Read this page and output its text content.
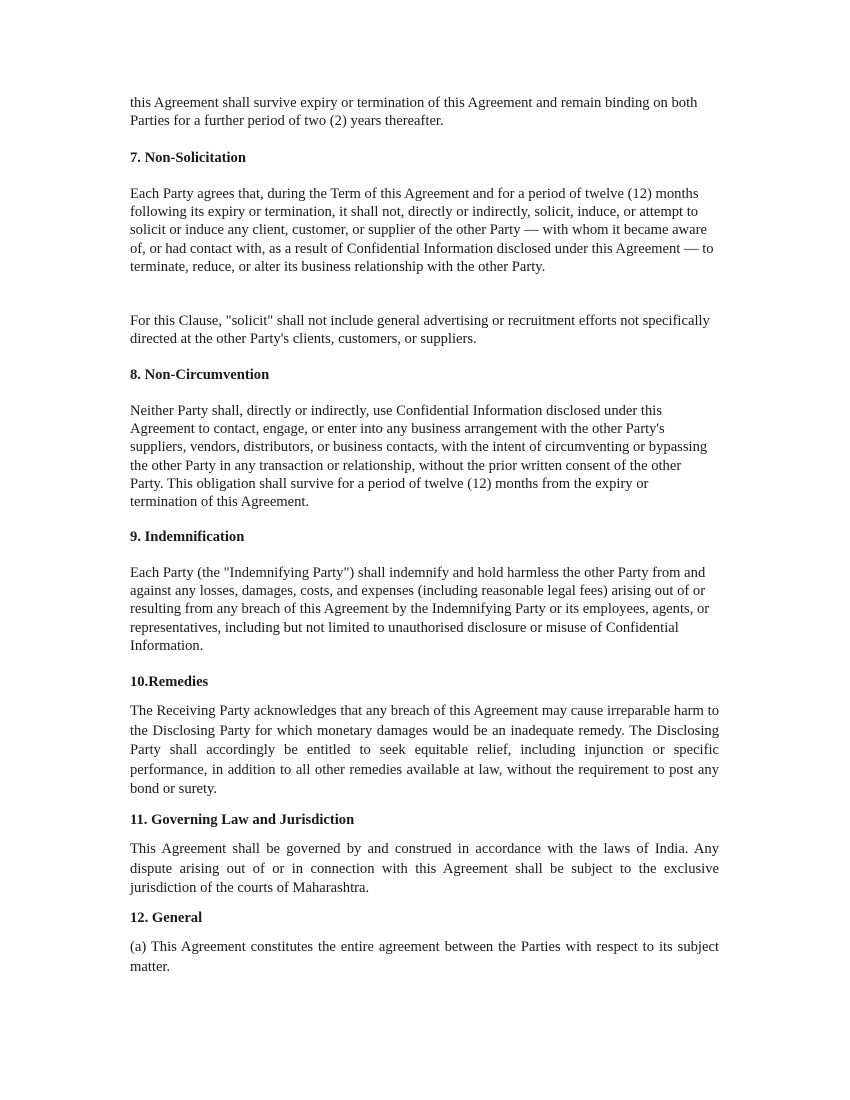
this Agreement shall survive expiry or termination of this Agreement and remain binding on both Parties for a further period of two (2) years thereafter.

7. Non-Solicitation

Each Party agrees that, during the Term of this Agreement and for a period of twelve (12) months following its expiry or termination, it shall not, directly or indirectly, solicit, induce, or attempt to solicit or induce any client, customer, or supplier of the other Party — with whom it became aware of, or had contact with, as a result of Confidential Information disclosed under this Agreement — to terminate, reduce, or alter its business relationship with the other Party.

For this Clause, "solicit" shall not include general advertising or recruitment efforts not specifically directed at the other Party's clients, customers, or suppliers.

8. Non-Circumvention

Neither Party shall, directly or indirectly, use Confidential Information disclosed under this Agreement to contact, engage, or enter into any business arrangement with the other Party's suppliers, vendors, distributors, or business contacts, with the intent of circumventing or bypassing the other Party in any transaction or relationship, without the prior written consent of the other Party. This obligation shall survive for a period of twelve (12) months from the expiry or termination of this Agreement.

9. Indemnification

Each Party (the "Indemnifying Party") shall indemnify and hold harmless the other Party from and against any losses, damages, costs, and expenses (including reasonable legal fees) arising out of or resulting from any breach of this Agreement by the Indemnifying Party or its employees, agents, or representatives, including but not limited to unauthorised disclosure or misuse of Confidential Information.

10.Remedies

The Receiving Party acknowledges that any breach of this Agreement may cause irreparable harm to the Disclosing Party for which monetary damages would be an inadequate remedy. The Disclosing Party shall accordingly be entitled to seek equitable relief, including injunction or specific performance, in addition to all other remedies available at law, without the requirement to post any bond or surety.

11. Governing Law and Jurisdiction

This Agreement shall be governed by and construed in accordance with the laws of India. Any dispute arising out of or in connection with this Agreement shall be subject to the exclusive jurisdiction of the courts of Maharashtra.

12. General

(a) This Agreement constitutes the entire agreement between the Parties with respect to its subject matter.
